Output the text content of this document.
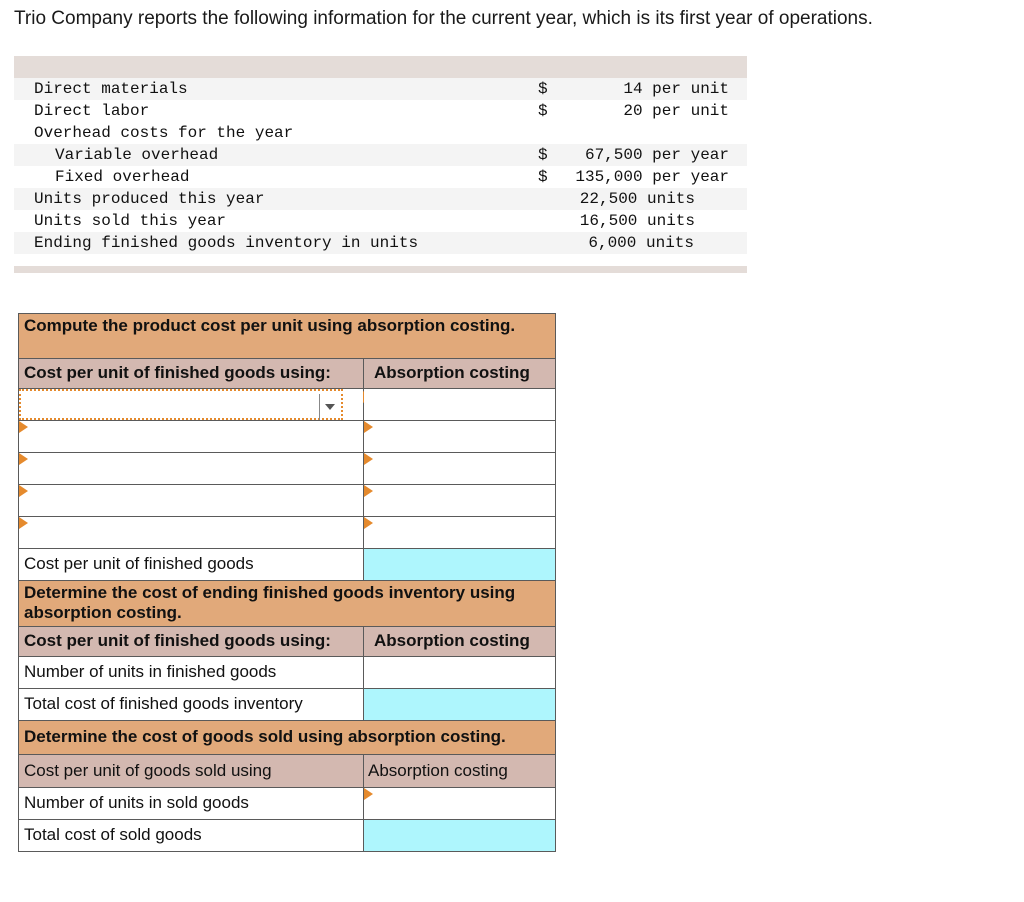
Trio Company reports the following information for the current year, which is its first year of operations.
Direct materials	$	14 per unit
Direct labor	$	20 per unit
Overhead costs for the year
Variable overhead	$ 67,500 per year
Fixed overhead	$ 135,000 per year
Units produced this year	22,500 units
Units sold this year	16,500 units
Ending finished goods inventory in units	6,000 units
Compute the product cost per unit using absorption costing.
Cost per unit of finished goods using:	Absorption costing
Cost per unit of finished goods
Determine the cost of ending finished goods inventory using absorption costing.
Cost per unit of finished goods using:	Absorption costing
Number of units in finished goods
Total cost of finished goods inventory
Determine the cost of goods sold using absorption costing.
Cost per unit of goods sold using	Absorption costing
Number of units in sold goods
Total cost of sold goods
